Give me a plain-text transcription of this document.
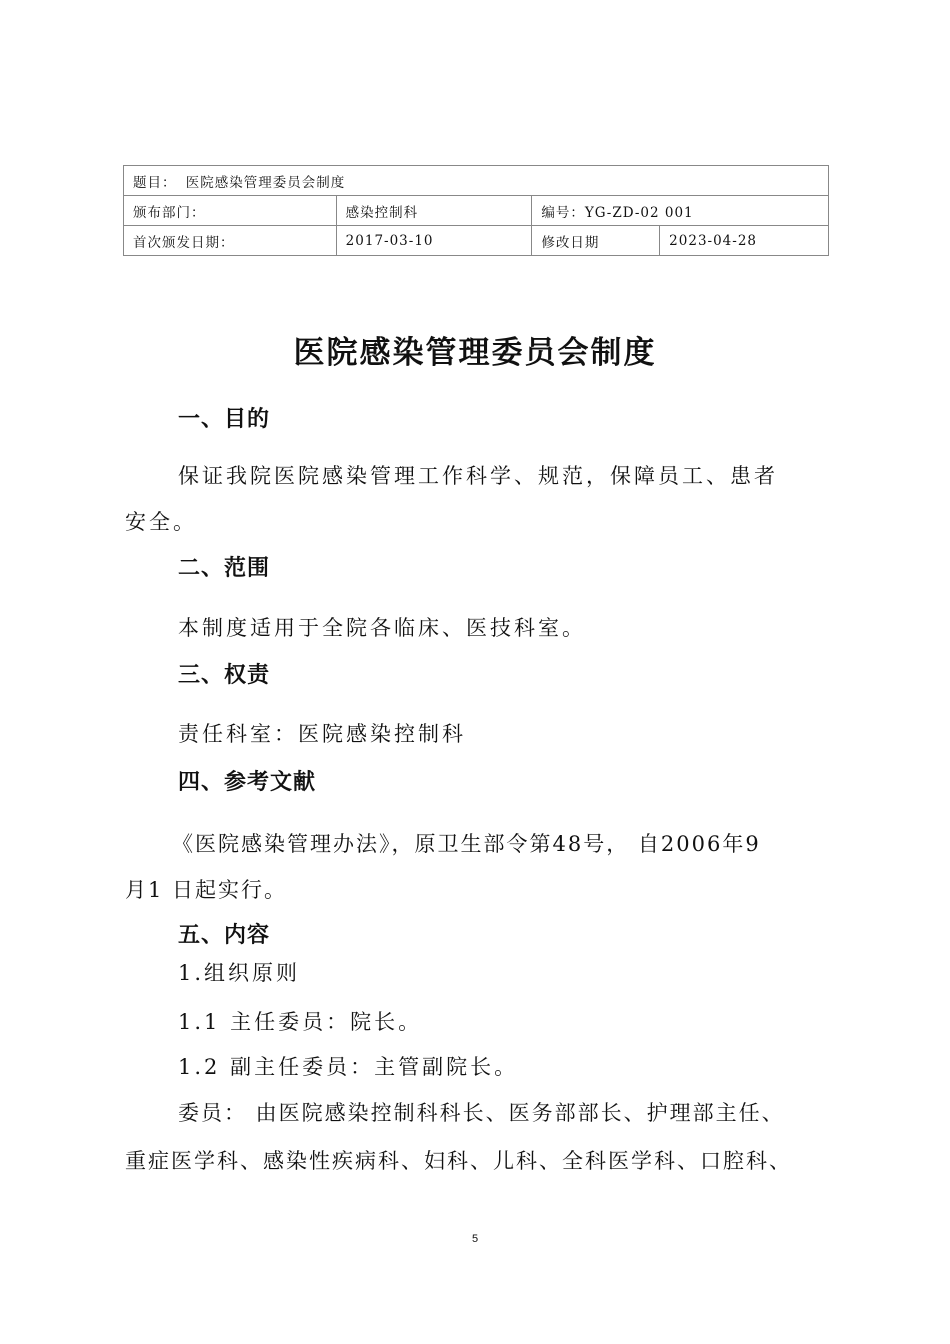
题目： 医院感染管理委员会制度			
颁布部门：	感染控制科	编号：YG-ZD-02 001	
首次颁发日期：	2017-03-10	修改日期	2023-04-28
医院感染管理委员会制度
一、目的

保证我院医院感染管理工作科学、规范，保障员工、患者

安全。

二、范围

本制度适用于全院各临床、医技科室。

三、权责

责任科室：医院感染控制科

四、参考文献

《医院感染管理办法》，原卫生部令第48号， 自2006年9

月1 日起实行。

五、内容

1.组织原则

1.1 主任委员：院长。

1.2 副主任委员：主管副院长。

委员： 由医院感染控制科科长、医务部部长、护理部主任、

重症医学科、感染性疾病科、妇科、儿科、全科医学科、口腔科、

5
